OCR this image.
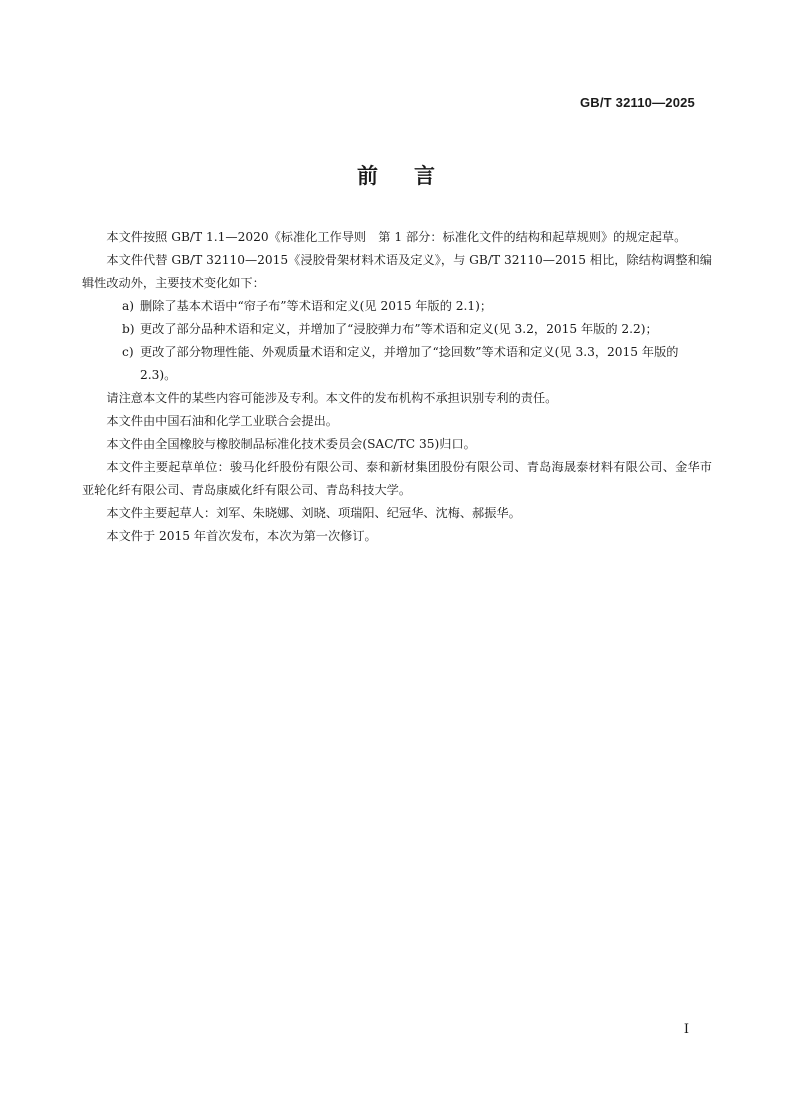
GB/T 32110—2025
前言

本文件按照 GB/T 1.1—2020《标准化工作导则　第 1 部分：标准化文件的结构和起草规则》的规定起草。

本文件代替 GB/T 32110—2015《浸胶骨架材料术语及定义》，与 GB/T 32110—2015 相比，除结构调整和编辑性改动外，主要技术变化如下：

a) 删除了基本术语中“帘子布”等术语和定义(见 2015 年版的 2.1)；
b) 更改了部分品种术语和定义，并增加了“浸胶弹力布”等术语和定义(见 3.2，2015 年版的 2.2)；
c) 更改了部分物理性能、外观质量术语和定义，并增加了“捻回数”等术语和定义(见 3.3，2015 年版的 2.3)。

请注意本文件的某些内容可能涉及专利。本文件的发布机构不承担识别专利的责任。

本文件由中国石油和化学工业联合会提出。

本文件由全国橡胶与橡胶制品标准化技术委员会(SAC/TC 35)归口。

本文件主要起草单位：骏马化纤股份有限公司、泰和新材集团股份有限公司、青岛海晟泰材料有限公司、金华市亚轮化纤有限公司、青岛康威化纤有限公司、青岛科技大学。

本文件主要起草人：刘军、朱晓娜、刘晓、项瑞阳、纪冠华、沈梅、郝振华。

本文件于 2015 年首次发布，本次为第一次修订。

I
